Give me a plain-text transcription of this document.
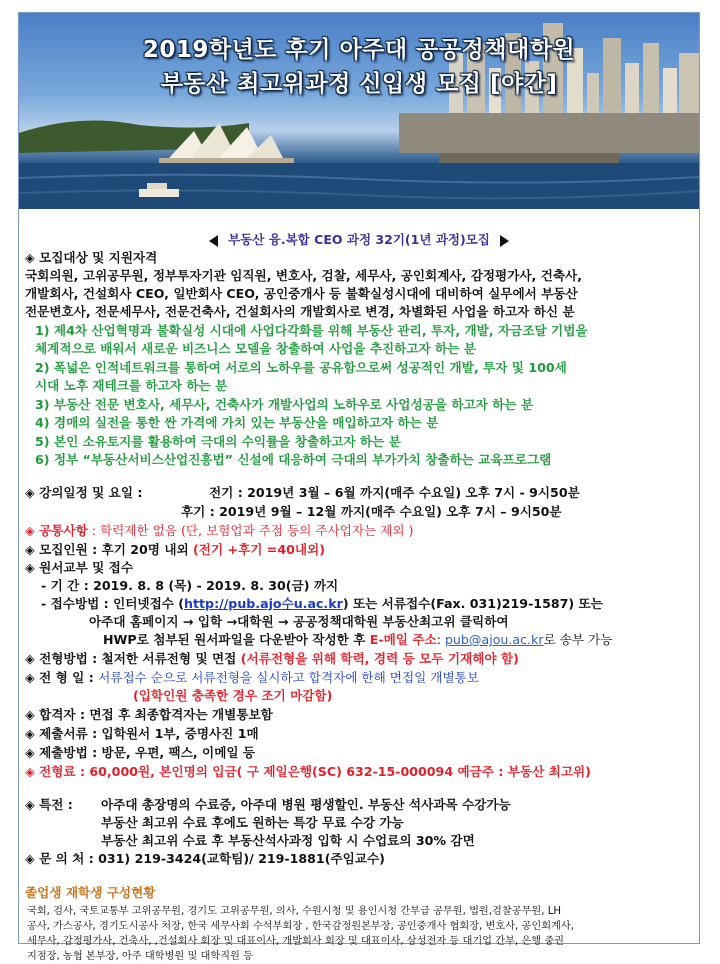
2019학년도 후기 아주대 공공정책대학원
부동산 최고위과정 신입생 모집 [야간]
부동산 융.복합 CEO 과정 32기(1년 과정)모집
◈ 모집대상 및 지원자격
국회의원, 고위공무원, 정부투자기관 임직원, 변호사, 검찰, 세무사, 공인회계사, 감정평가사, 건축사,
개발회사, 건설회사 CEO, 일반회사 CEO, 공인중개사 등 불확실성시대에 대비하여 실무에서 부동산
전문변호사, 전문세무사, 전문건축사, 건설회사의 개발회사로 변경, 차별화된 사업을 하고자 하신 분
1) 제4차 산업혁명과 불확실성 시대에 사업다각화를 위해 부동산 관리, 투자, 개발, 자금조달 기법을
체계적으로 배워서 새로운 비즈니스 모델을 창출하여 사업을 추진하고자 하는 분
2) 폭넓은 인적네트워크를 통하여 서로의 노하우를 공유함으로써 성공적인 개발, 투자 및 100세
시대 노후 재테크를 하고자 하는 분
3) 부동산 전문 변호사, 세무사, 건축사가 개발사업의 노하우로 사업성공을 하고자 하는 분
4) 경매의 실전을 통한 싼 가격에 가치 있는 부동산을 매입하고자 하는 분
5) 본인 소유토지를 활용하여 극대의 수익률을 창출하고자 하는 분
6) 정부 “부동산서비스산업진흥법” 신설에 대응하여 극대의 부가가치 창출하는 교육프로그램
◈ 강의일정 및 요일 :	전기 : 2019년 3월 – 6월 까지(매주 수요일) 오후 7시 - 9시50분
후기 : 2019년 9월 – 12월 까지(매주 수요일) 오후 7시 – 9시50분
◈ 공통사항 : 학력제한 없음 (단, 보험업과 주점 등의 주사업자는 제외 )
◈ 모집인원 : 후기 20명 내외 (전기 +후기 =40내외)
◈ 원서교부 및 접수
- 기 간 : 2019. 8. 8 (목) - 2019. 8. 30(금) 까지
- 접수방법 : 인터넷접수 (http://pub.ajo수u.ac.kr) 또는 서류접수(Fax. 031)219-1587) 또는
아주대 홈페이지 → 입학 →대학원 → 공공정책대학원 부동산최고위 클릭하여
HWP로 첨부된 원서파일을 다운받아 작성한 후 E-메일 주소: pub@ajou.ac.kr로 송부 가능
◈ 전형방법 : 철저한 서류전형 및 면접 (서류전형을 위해 학력, 경력 등 모두 기재해야 함)
◈ 전 형 일 : 서류접수 순으로 서류전형을 실시하고 합격자에 한해 면접일 개별통보
(입학인원 충족한 경우 조기 마감함)
◈ 합격자 : 면접 후 최종합격자는 개별통보함
◈ 제출서류 : 입학원서 1부, 증명사진 1매
◈ 제출방법 : 방문, 우편, 팩스, 이메일 등
◈ 전형료 : 60,000원, 본인명의 입금( 구 제일은행(SC) 632-15-000094 예금주 : 부동산 최고위)
◈ 특전 : 아주대 총장명의 수료증, 아주대 병원 평생할인. 부동산 석사과목 수강가능
부동산 최고위 수료 후에도 원하는 특강 무료 수강 가능
부동산 최고위 수료 후 부동산석사과정 입학 시 수업료의 30% 감면
◈ 문 의 처 : 031) 219-3424(교학팀)/ 219-1881(주임교수)
졸업생 재학생 구성현황
국회, 검사, 국토교통부 고위공무원, 경기도 고위공무원, 의사, 수원시청 및 용인시청 간부급 공무원, 법원,검찰공무원, LH
공사, 가스공사, 경기도시공사 처장, 한국 세무사회 수석부회장 , 한국감정원본부장, 공인중개사 협회장, 변호사, 공인회계사,
세무사, 감정평가사, 건축사, ,건설회사 회장 및 대표이사, 개발회사 회장 및 대표이사, 삼성전자 등 대기업 간부, 은행 중권
지점장, 농협 본부장, 아주 대학병원 및 대학직원 등
